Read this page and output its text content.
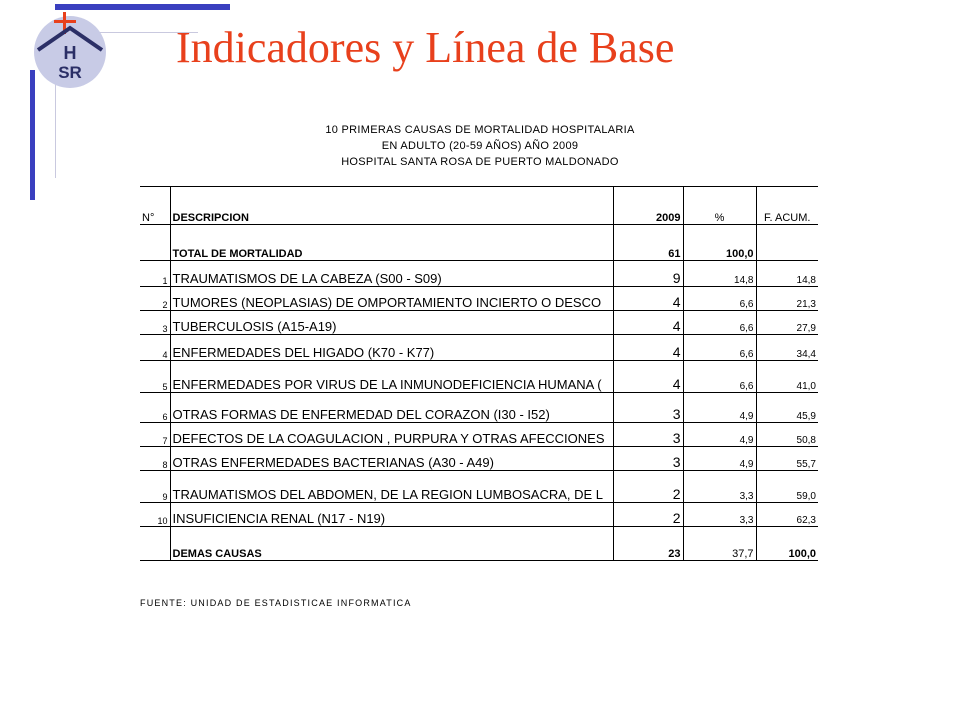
H
SR
Indicadores y Línea de Base
10 PRIMERAS CAUSAS DE MORTALIDAD HOSPITALARIA
EN ADULTO (20-59 AÑOS) AÑO 2009
HOSPITAL SANTA ROSA DE PUERTO MALDONADO
N°	DESCRIPCION	2009	%	F. ACUM.
	TOTAL DE MORTALIDAD	61	100,0	
1	TRAUMATISMOS DE LA CABEZA (S00 - S09)	9	14,8	14,8
2	TUMORES (NEOPLASIAS) DE OMPORTAMIENTO INCIERTO O DESCO	4	6,6	21,3
3	TUBERCULOSIS (A15-A19)	4	6,6	27,9
4	ENFERMEDADES DEL HIGADO (K70 - K77)	4	6,6	34,4
5	ENFERMEDADES POR VIRUS DE LA INMUNODEFICIENCIA HUMANA (	4	6,6	41,0
6	OTRAS FORMAS DE ENFERMEDAD DEL CORAZON (I30 - I52)	3	4,9	45,9
7	DEFECTOS DE LA COAGULACION , PURPURA Y OTRAS AFECCIONES	3	4,9	50,8
8	OTRAS ENFERMEDADES BACTERIANAS (A30 - A49)	3	4,9	55,7
9	TRAUMATISMOS DEL ABDOMEN, DE LA REGION LUMBOSACRA, DE L	2	3,3	59,0
10	INSUFICIENCIA RENAL (N17 - N19)	2	3,3	62,3
	DEMAS CAUSAS	23	37,7	100,0
FUENTE: UNIDAD DE ESTADISTICAE INFORMATICA
